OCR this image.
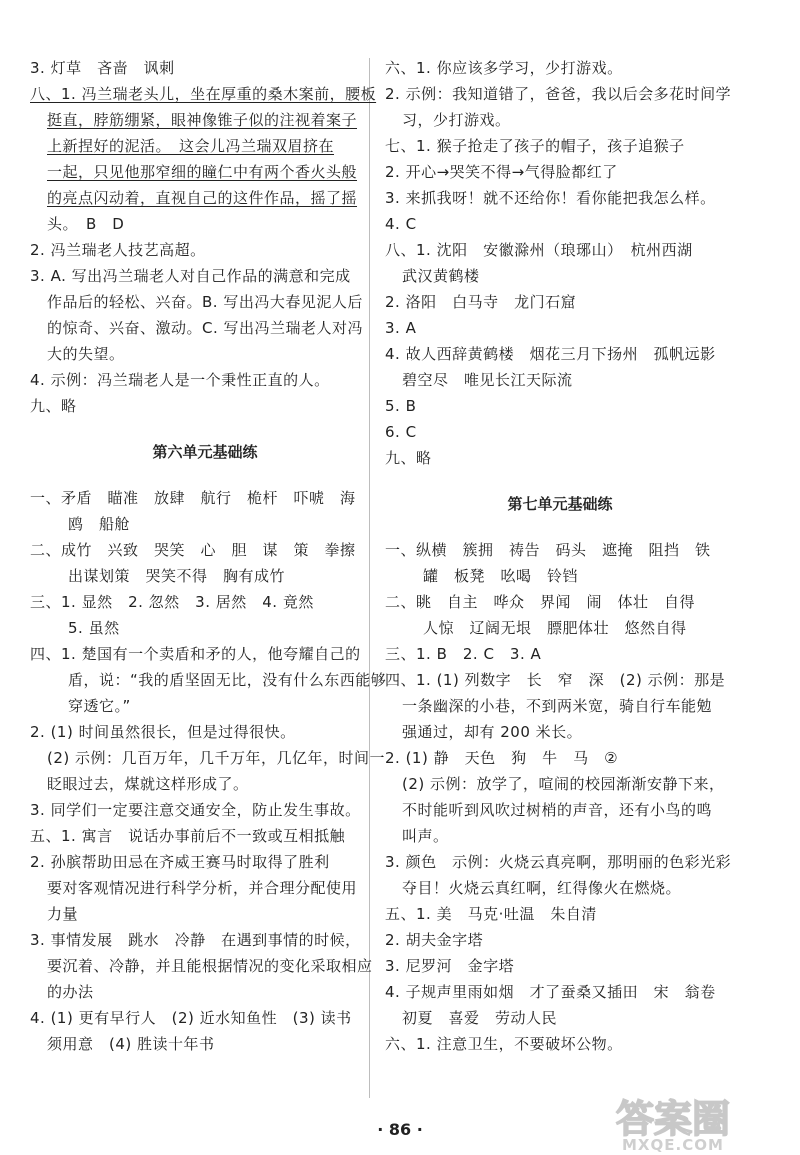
3. 灯草　吝啬　讽刺
八、1. 冯兰瑞老头儿，坐在厚重的桑木案前，腰板
挺直，脖筋绷紧，眼神像锥子似的注视着案子
上新捏好的泥活。　这会儿冯兰瑞双眉挤在
一起，只见他那窄细的瞳仁中有两个香火头般
的亮点闪动着，直视自己的这件作品，摇了摇
头。　B　D
2. 冯兰瑞老人技艺高超。
3. A. 写出冯兰瑞老人对自己作品的满意和完成
作品后的轻松、兴奋。B. 写出冯大春见泥人后
的惊奇、兴奋、激动。C. 写出冯兰瑞老人对冯
大的失望。
4. 示例：冯兰瑞老人是一个秉性正直的人。
九、略
第六单元基础练
一、矛盾　瞄准　放肆　航行　桅杆　吓唬　海
鸥　船舱
二、成竹　兴致　哭笑　心　胆　谋　策　拳擦
出谋划策　哭笑不得　胸有成竹
三、1. 显然　2. 忽然　3. 居然　4. 竟然
5. 虽然
四、1. 楚国有一个卖盾和矛的人，他夸耀自己的
盾，说：“我的盾坚固无比，没有什么东西能够
穿透它。”
2. (1) 时间虽然很长，但是过得很快。
(2) 示例：几百万年，几千万年，几亿年，时间一
眨眼过去，煤就这样形成了。
3. 同学们一定要注意交通安全，防止发生事故。
五、1. 寓言　说话办事前后不一致或互相抵触
2. 孙膑帮助田忌在齐威王赛马时取得了胜利
要对客观情况进行科学分析，并合理分配使用
力量
3. 事情发展　跳水　冷静　在遇到事情的时候，
要沉着、冷静，并且能根据情况的变化采取相应
的办法
4. (1) 更有早行人　(2) 近水知鱼性　(3) 读书
须用意　(4) 胜读十年书
六、1. 你应该多学习，少打游戏。
2. 示例：我知道错了，爸爸，我以后会多花时间学
习，少打游戏。
七、1. 猴子抢走了孩子的帽子，孩子追猴子
2. 开心→哭笑不得→气得脸都红了
3. 来抓我呀！就不还给你！看你能把我怎么样。
4. C
八、1. 沈阳　安徽滁州（琅琊山）　杭州西湖
武汉黄鹤楼
2. 洛阳　白马寺　龙门石窟
3. A
4. 故人西辞黄鹤楼　烟花三月下扬州　孤帆远影
碧空尽　唯见长江天际流
5. B
6. C
九、略
第七单元基础练
一、纵横　簇拥　祷告　码头　遮掩　阻挡　铁
罐　板凳　吆喝　铃铛
二、眺　自主　哗众　界闻　闹　体壮　自得
人惊　辽阔无垠　膘肥体壮　悠然自得
三、1. B　2. C　3. A
四、1. (1) 列数字　长　窄　深　(2) 示例：那是
一条幽深的小巷，不到两米宽，骑自行车能勉
强通过，却有 200 米长。
2. (1) 静　天色　狗　牛　马　②
(2) 示例：放学了，喧闹的校园渐渐安静下来，
不时能听到风吹过树梢的声音，还有小鸟的鸣
叫声。
3. 颜色　示例：火烧云真亮啊，那明丽的色彩光彩
夺目！火烧云真红啊，红得像火在燃烧。
五、1. 美　马克·吐温　朱自清
2. 胡夫金字塔
3. 尼罗河　金字塔
4. 子规声里雨如烟　才了蚕桑又插田　宋　翁卷
初夏　喜爱　劳动人民
六、1. 注意卫生，不要破坏公物。
· 86 ·	答案圈
MXQE.COM
